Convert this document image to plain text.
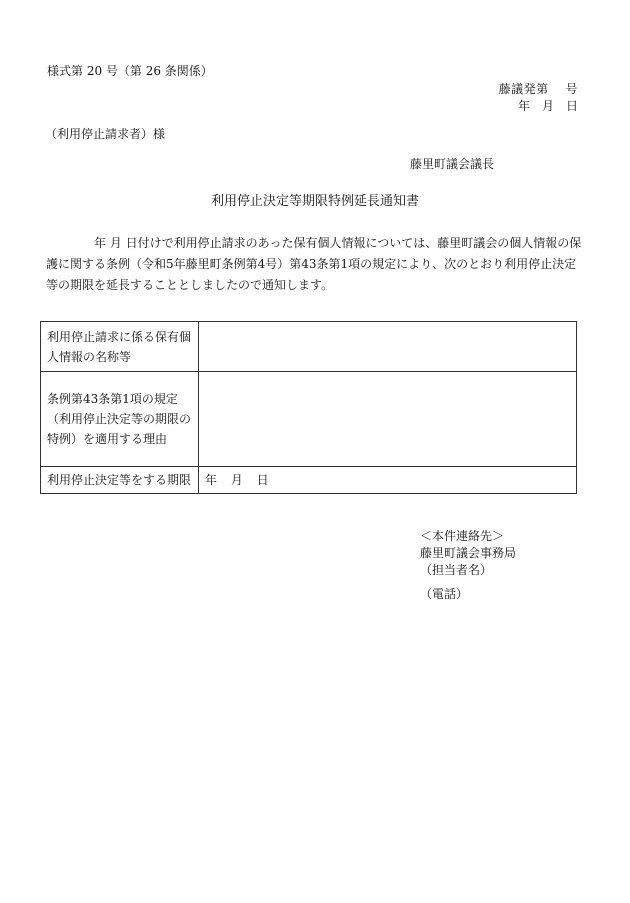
様式第 20 号（第 26 条関係）
藤議発第　 号
年　月　日
（利用停止請求者）様
藤里町議会議長
利用停止決定等期限特例延長通知書

年 月 日付けで利用停止請求のあった保有個人情報については、藤里町議会の個人情報の保護に関する条例（令和5年藤里町条例第4号）第43条第1項の規定により、次のとおり利用停止決定等の期限を延長することとしましたので通知します。

利用停止請求に係る保有個人情報の名称等	
条例第43条第1項の規定（利用停止決定等の期限の特例）を適用する理由	
利用停止決定等をする期限	年 月 日
＜本件連絡先＞
藤里町議会事務局
（担当者名）
（電話）
